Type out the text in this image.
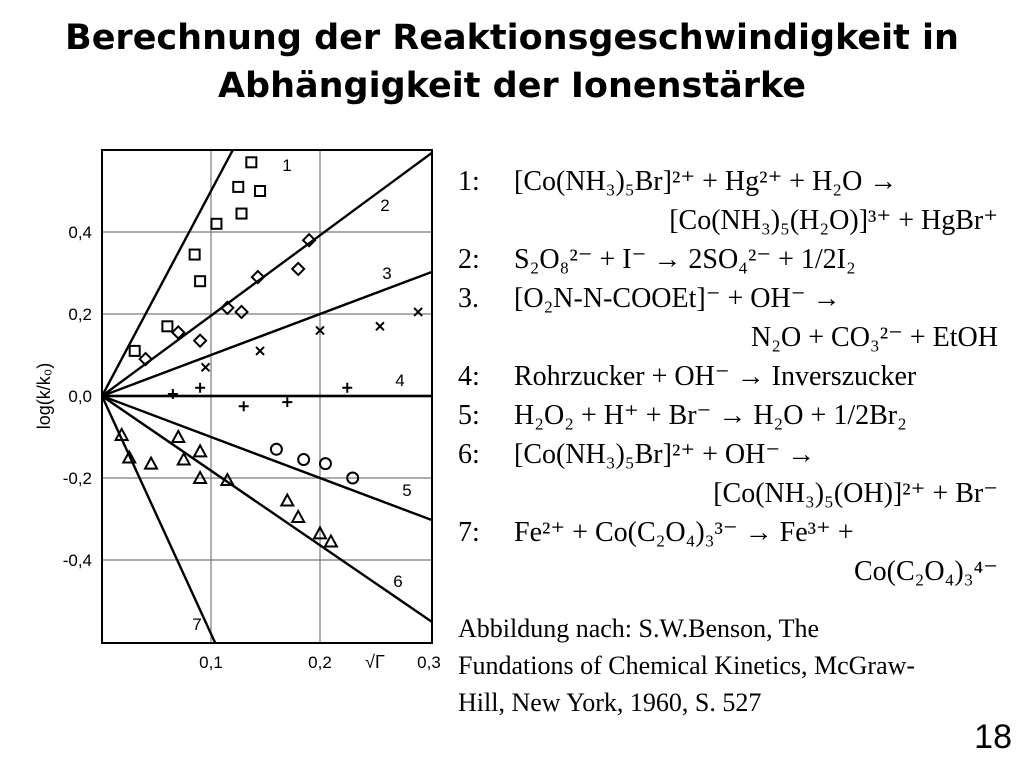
Berechnung der Reaktionsgeschwindigkeit in
Abhängigkeit der Ionenstärke
1
2
3
4
5
6
7
0,4
0,2
0,0
-0,2
-0,4
0,1	0,2	0,3
√Γ
log(k/k₀)
1: [Co(NH₃)₅Br]²⁺ + Hg²⁺ + H₂O →
[Co(NH₃)₅(H₂O)]³⁺ + HgBr⁺
2: S₂O₈²⁻ + I⁻ → 2SO₄²⁻ + 1/2I₂
3. [O₂N-N-COOEt]⁻ + OH⁻ →
N₂O + CO₃²⁻ + EtOH
4: Rohrzucker + OH⁻ → Inverszucker
5: H₂O₂ + H⁺ + Br⁻ → H₂O + 1/2Br₂
6: [Co(NH₃)₅Br]²⁺ + OH⁻ →
[Co(NH₃)₅(OH)]²⁺ + Br⁻
7: Fe²⁺ + Co(C₂O₄)₃³⁻ → Fe³⁺ +
Co(C₂O₄)₃⁴⁻
Abbildung nach: S.W.Benson, The
Fundations of Chemical Kinetics, McGraw-
Hill, New York, 1960, S. 527
18
